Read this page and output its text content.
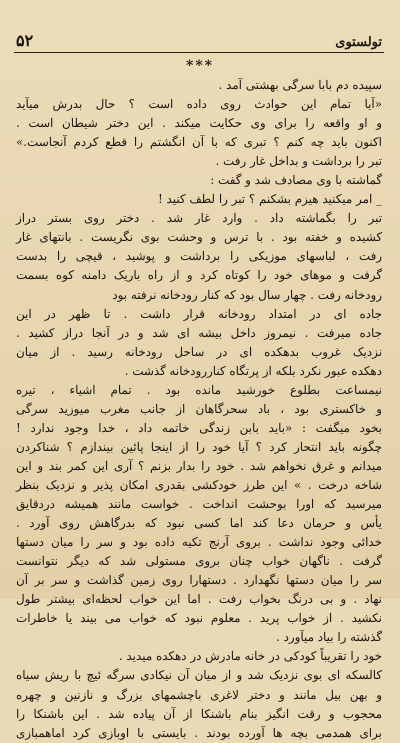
۵۲	تولستوی
***
سپیده دم بابا سرگی بهشتی آمد .
«آیا تمام این حوادث روی داده است ؟ حال بدرش میآید
و او واقعه را برای وی حکایت میکند . این دختر شیطان است .
اکنون باید چه کنم ؟ تبری که با آن انگشتم را قطع کردم آنجاست.»
تبر را برداشت و بداخل غار رفت .
گماشته با وی مصادف شد و گفت :
_ امر میکنید هیزم بشکنم ؟ تبر را لطف کنید !
تبر را بگماشته داد . وارد غار شد . دختر روی بستر دراز
کشیده و خفته بود . با ترس و وحشت بوی نگریست . بانتهای غار
رفت ، لباسهای موزیکی را برداشت و پوشید ، قیچی را بدست
گرفت و موهای خود را کوتاه کرد و از راه باریک دامنه کوه بسمت
رودخانه رفت . چهار سال بود که کنار رودخانه نرفته بود
جاده ای در امتداد رودخانه قرار داشت . تا ظهر در این
جاده میرفت . نیمروز داخل بیشه ای شد و در آنجا دراز کشید .
نزدیک غروب بدهکده ای در ساحل رودخانه رسید . از میان
دهکده عبور نکرد بلکه از پرتگاه کناررودخانه گذشت .
نیمساعت بطلوع خورشید مانده بود . تمام اشیاء ، تیره
و خاکستری بود ، باد سحرگاهان از جانب مغرب میوزید سرگی
بخود میگفت : «باید بابن زندگی خاتمه داد ، خدا وجود ندارد !
چگونه باید انتحار کرد ؟ آیا خود را از اینجا پائین بیندازم ؟ شناکردن
میدانم و غرق نخواهم شد . خود را بدار بزنم ؟ آری این کمر بند و این
شاخه درخت . » این طرز خودکشی بقدری امکان پذیر و نزدیک بنظر
میرسید که اورا بوحشت انداخت . خواست مانند همیشه دردقایق
یأس و حرمان دعا کند اما کسی نبود که بدرگاهش روی آورد .
خدائی وجود نداشت . بروی آرنج تکیه داده بود و سر را میان دستها
گرفت . ناگهان خواب چنان بروی مستولی شد که دیگر نتوانست
سر را میان دستها نگهدارد . دستهارا روی زمین گذاشت و سر بر آن
نهاد . و بی درنگ بخواب رفت . اما این خواب لحظه‌ای بیشتر طول
نکشید . از خواب پرید . معلوم نبود که خواب می بیند یا خاطرات
گذشته را بیاد میآورد .
خود را تقریباً کودکی در خانه مادرش در دهکده میدید .
کالسکه ای بوی نزدیک شد و از میان آن نیکادی سرگه ئیچ با ریش سیاه
و بهن بیل مانند و دختر لاغری باچشمهای بزرگ و نازنین و چهره
محجوب و رقت انگیز بنام باشنکا از آن پیاده شد . این باشنکا را
برای همدمی بچه ها آورده بودند . بایستی با اوبازی کرد اماهمبازی
